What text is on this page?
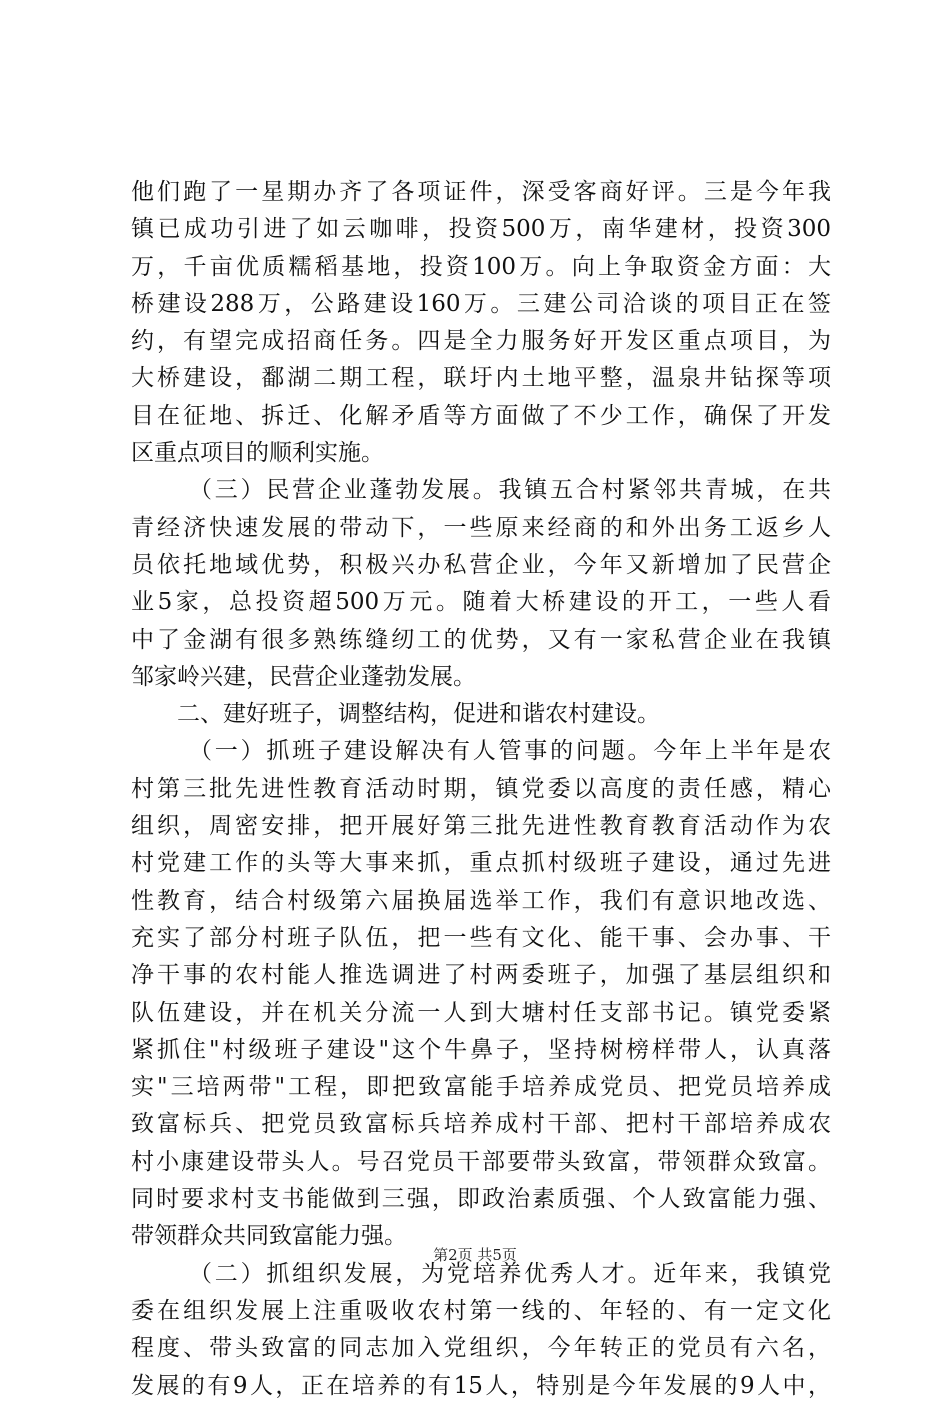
他们跑了一星期办齐了各项证件，深受客商好评。三是今年我
镇已成功引进了如云咖啡，投资500万，南华建材，投资300
万，千亩优质糯稻基地，投资100万。向上争取资金方面：大
桥建设288万，公路建设160万。三建公司洽谈的项目正在签
约，有望完成招商任务。四是全力服务好开发区重点项目，为
大桥建设，鄱湖二期工程，联圩内土地平整，温泉井钻探等项
目在征地、拆迁、化解矛盾等方面做了不少工作，确保了开发
区重点项目的顺利实施。
（三）民营企业蓬勃发展。我镇五合村紧邻共青城，在共
青经济快速发展的带动下，一些原来经商的和外出务工返乡人
员依托地域优势，积极兴办私营企业，今年又新增加了民营企
业5家，总投资超500万元。随着大桥建设的开工，一些人看
中了金湖有很多熟练缝纫工的优势，又有一家私营企业在我镇
邹家岭兴建，民营企业蓬勃发展。
二、建好班子，调整结构，促进和谐农村建设。
（一）抓班子建设解决有人管事的问题。今年上半年是农
村第三批先进性教育活动时期，镇党委以高度的责任感，精心
组织，周密安排，把开展好第三批先进性教育教育活动作为农
村党建工作的头等大事来抓，重点抓村级班子建设，通过先进
性教育，结合村级第六届换届选举工作，我们有意识地改选、
充实了部分村班子队伍，把一些有文化、能干事、会办事、干
净干事的农村能人推选调进了村两委班子，加强了基层组织和
队伍建设，并在机关分流一人到大塘村任支部书记。镇党委紧
紧抓住"村级班子建设"这个牛鼻子，坚持树榜样带人，认真落
实"三培两带"工程，即把致富能手培养成党员、把党员培养成
致富标兵、把党员致富标兵培养成村干部、把村干部培养成农
村小康建设带头人。号召党员干部要带头致富，带领群众致富。
同时要求村支书能做到三强，即政治素质强、个人致富能力强、
带领群众共同致富能力强。
（二）抓组织发展，为党培养优秀人才。近年来，我镇党
委在组织发展上注重吸收农村第一线的、年轻的、有一定文化
程度、带头致富的同志加入党组织，今年转正的党员有六名，
发展的有9人，正在培养的有15人，特别是今年发展的9人中，
第2页 共5页
